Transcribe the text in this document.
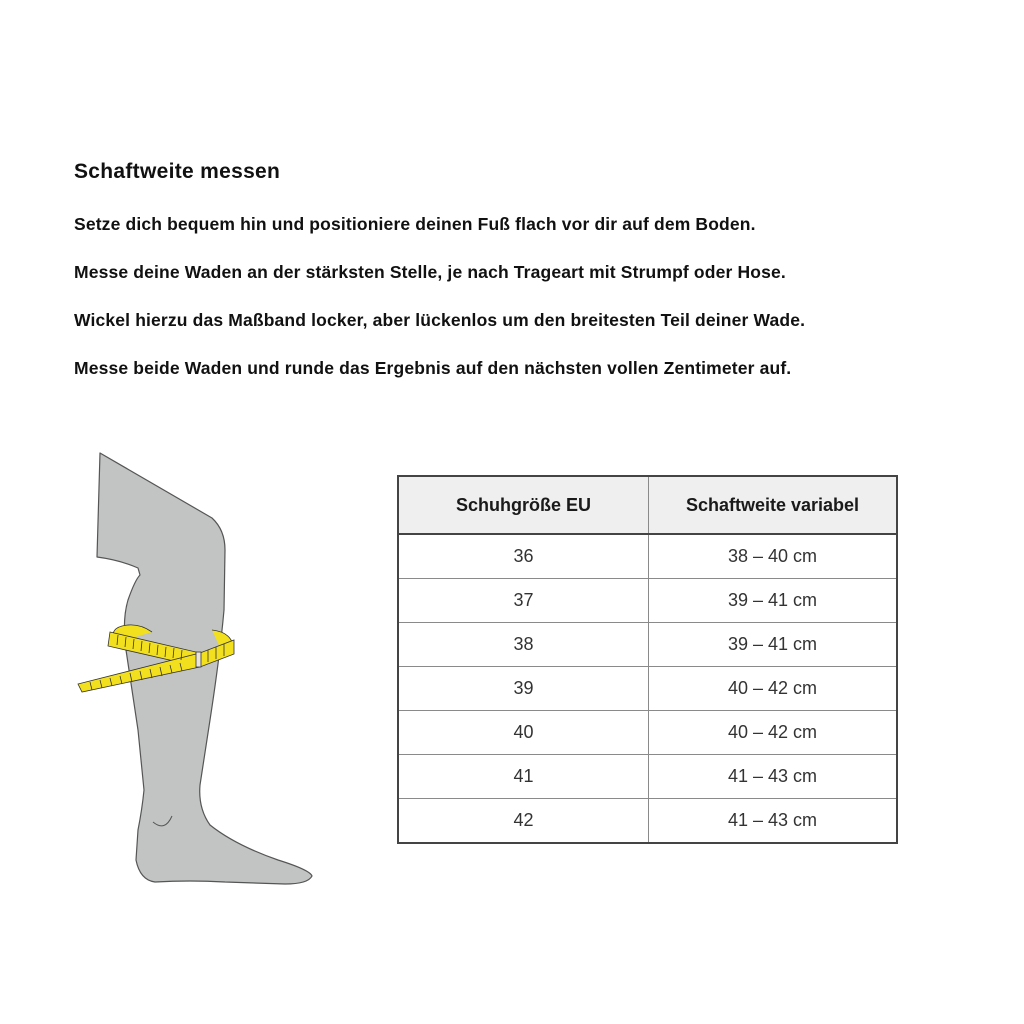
Schaftweite messen
Setze dich bequem hin und positioniere deinen Fuß flach vor dir auf dem Boden.
Messe deine Waden an der stärksten Stelle, je nach Trageart mit Strumpf oder Hose.
Wickel hierzu das Maßband locker, aber lückenlos um den breitesten Teil deiner Wade.
Messe beide Waden und runde das Ergebnis auf den nächsten vollen Zentimeter auf.
Schuhgröße EU	Schaftweite variabel
36	38 – 40 cm
37	39 – 41 cm
38	39 – 41 cm
39	40 – 42 cm
40	40 – 42 cm
41	41 – 43 cm
42	41 – 43 cm
